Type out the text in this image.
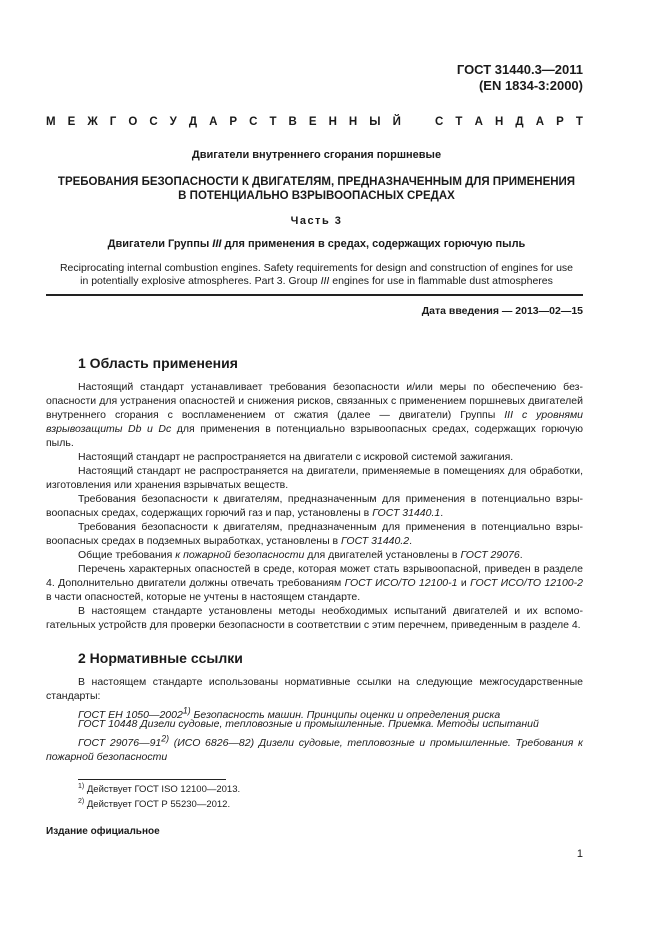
ГОСТ 31440.3—2011
(EN 1834-3:2000)
М Е Ж Г О С У Д А Р С Т В Е Н Н Ы Й	С Т А Н Д А Р Т
Двигатели внутреннего сгорания поршневые
ТРЕБОВАНИЯ БЕЗОПАСНОСТИ К ДВИГАТЕЛЯМ, ПРЕДНАЗНАЧЕННЫМ ДЛЯ ПРИМЕНЕНИЯ
В ПОТЕНЦИАЛЬНО ВЗРЫВООПАСНЫХ СРЕДАХ
Часть 3
Двигатели Группы III для применения в средах, содержащих горючую пыль
Reciprocating internal combustion engines. Safety requirements for design and construction of engines for use
in potentially explosive atmospheres. Part 3. Group III engines for use in flammable dust atmospheres
Дата введения — 2013—02—15
1 Область применения
Настоящий стандарт устанавливает требования безопасности и/или меры по обеспечению безопасности для устранения опасностей и снижения рисков, связанных с применением поршневых двигателей внутреннего сгорания с воспламенением от сжатия (далее — двигатели) Группы III с уровнями взрывозащиты Db и Dc для применения в потенциально взрывоопасных средах, содержащих горючую пыль.
Настоящий стандарт не распространяется на двигатели с искровой системой зажигания.
Настоящий стандарт не распространяется на двигатели, применяемые в помещениях для обработки, изготовления или хранения взрывчатых веществ.
Требования безопасности к двигателям, предназначенным для применения в потенциально взрывоопасных средах, содержащих горючий газ и пар, установлены в ГОСТ 31440.1.
Требования безопасности к двигателям, предназначенным для применения в потенциально взрывоопасных средах в подземных выработках, установлены в ГОСТ 31440.2.
Общие требования к пожарной безопасности для двигателей установлены в ГОСТ 29076.
Перечень характерных опасностей в среде, которая может стать взрывоопасной, приведен в разделе 4. Дополнительно двигатели должны отвечать требованиям ГОСТ ИСО/ТО 12100-1 и ГОСТ ИСО/ТО 12100-2 в части опасностей, которые не учтены в настоящем стандарте.
В настоящем стандарте установлены методы необходимых испытаний двигателей и их вспомогательных устройств для проверки безопасности в соответствии с этим перечнем, приведенным в разделе 4.
2 Нормативные ссылки
В настоящем стандарте использованы нормативные ссылки на следующие межгосударственные стандарты:
ГОСТ ЕН 1050—2002$^{1)}$ Безопасность машин. Принципы оценки и определения риска
ГОСТ 10448 Дизели судовые, тепловозные и промышленные. Приемка. Методы испытаний
ГОСТ 29076—91$^{2)}$ (ИСО 6826—82) Дизели судовые, тепловозные и промышленные. Требования к пожарной безопасности
$^{1)}$ Действует ГОСТ ISO 12100—2013.
$^{2)}$ Действует ГОСТ Р 55230—2012.
Издание официальное
1
